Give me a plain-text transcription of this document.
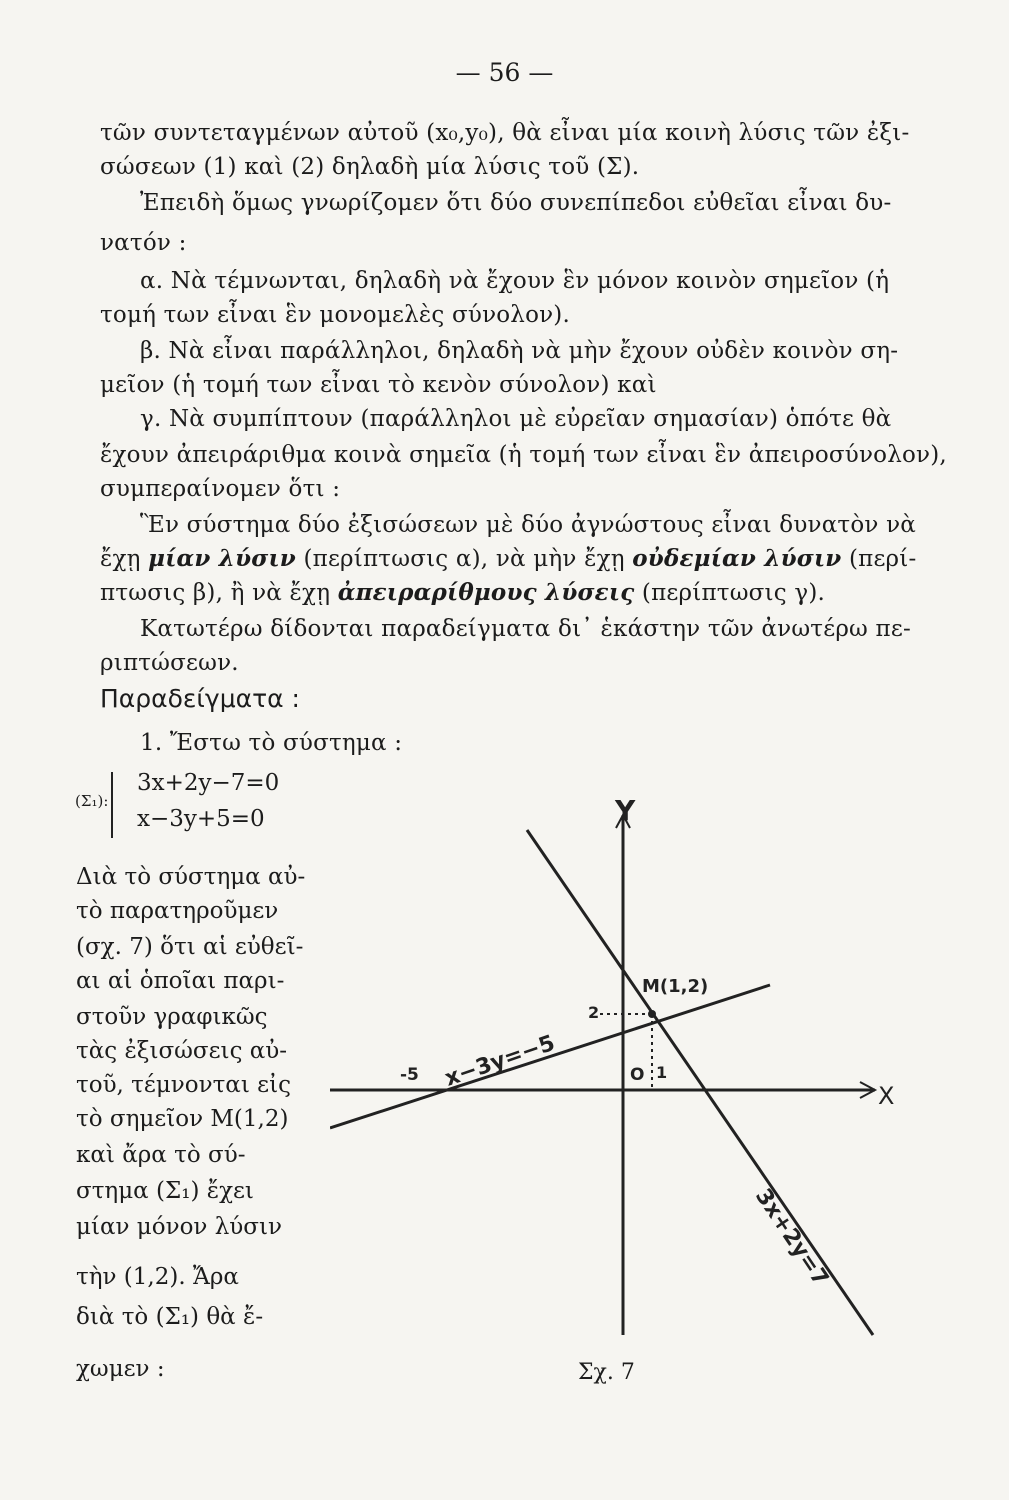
— 56 —
τῶν συντεταγμένων αὐτοῦ (x₀,y₀), θὰ εἶναι μία κοινὴ λύσις τῶν ἐξι-
σώσεων (1) καὶ (2) δηλαδὴ μία λύσις τοῦ (Σ).
Ἐπειδὴ ὅμως γνωρίζομεν ὅτι δύο συνεπίπεδοι εὐθεῖαι εἶναι δυ-
νατόν :
α. Νὰ τέμνωνται, δηλαδὴ νὰ ἔχουν ἓν μόνον κοινὸν σημεῖον (ἡ
τομή των εἶναι ἓν μονομελὲς σύνολον).
β. Νὰ εἶναι παράλληλοι, δηλαδὴ νὰ μὴν ἔχουν οὐδὲν κοινὸν ση-
μεῖον (ἡ τομή των εἶναι τὸ κενὸν σύνολον) καὶ
γ. Νὰ συμπίπτουν (παράλληλοι μὲ εὐρεῖαν σημασίαν) ὁπότε θὰ
ἔχουν ἀπειράριθμα κοινὰ σημεῖα (ἡ τομή των εἶναι ἓν ἀπειροσύνολον),
συμπεραίνομεν ὅτι :
Ἓν σύστημα δύο ἐξισώσεων μὲ δύο ἀγνώστους εἶναι δυνατὸν νὰ
ἔχῃ μίαν λύσιν (περίπτωσις α), νὰ μὴν ἔχῃ οὐδεμίαν λύσιν (περί-
πτωσις β), ἢ νὰ ἔχῃ ἀπειραρίθμους λύσεις (περίπτωσις γ).
Κατωτέρω δίδονται παραδείγματα δι᾽ ἑκάστην τῶν ἀνωτέρω πε-
ριπτώσεων.
Παραδείγματα :
1. Ἔστω τὸ σύστημα :
(Σ₁):
3x+2y−7=0
x−3y+5=0
Διὰ τὸ σύστημα αὐ-
τὸ παρατηροῦμεν
(σχ. 7) ὅτι αἱ εὐθεῖ-
αι αἱ ὁποῖαι παρι-
στοῦν γραφικῶς
τὰς ἐξισώσεις αὐ-
τοῦ, τέμνονται εἰς
τὸ σημεῖον M(1,2)
καὶ ἄρα τὸ σύ-
στημα (Σ₁) ἔχει
μίαν μόνον λύσιν
τὴν (1,2). Ἄρα
διὰ τὸ (Σ₁) θὰ ἔ-
χωμεν :
Y
X
M(1,2)
2
1
O
-5 x−3y=−5
3x+2y=7
Σχ. 7
